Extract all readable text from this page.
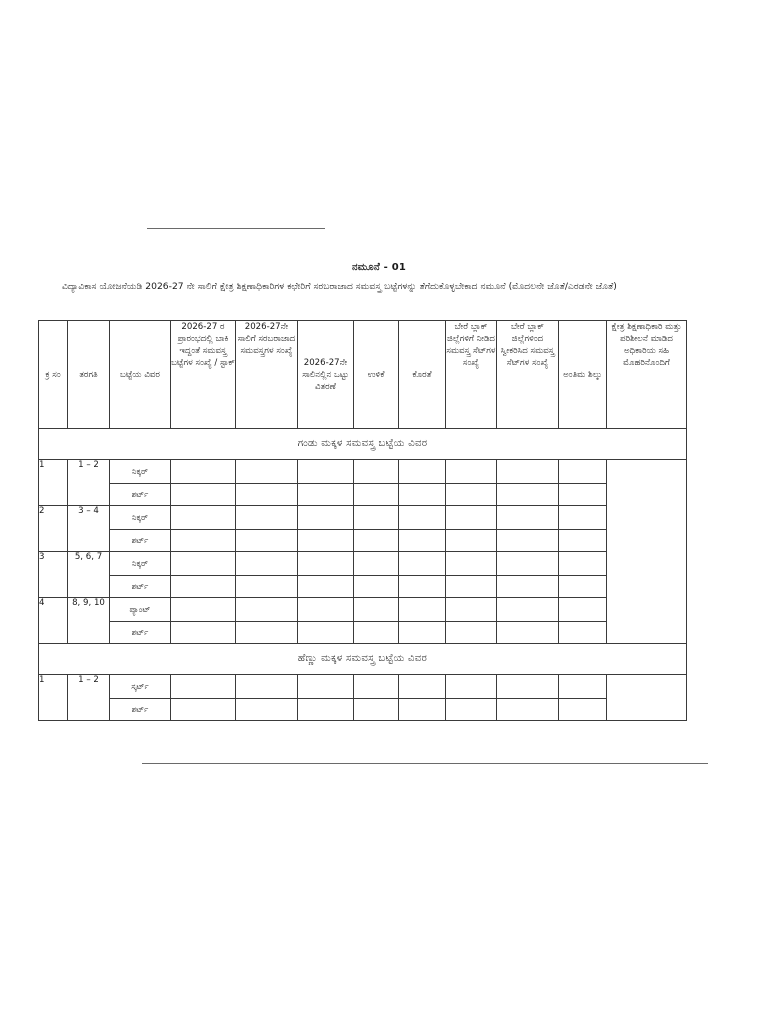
ನಮೂನೆ - 01
ವಿದ್ಯಾವಿಕಾಸ ಯೋಜನೆಯಡಿ 2026-27 ನೇ ಸಾಲಿಗೆ ಕ್ಷೇತ್ರ ಶಿಕ್ಷಣಾಧಿಕಾರಿಗಳ ಕಛೇರಿಗೆ ಸರಬರಾಜಾದ ಸಮವಸ್ತ್ರ ಬಟ್ಟೆಗಳನ್ನು ತೆಗೆದುಕೊಳ್ಳಬೇಕಾದ ನಮೂನೆ (ಮೊದಲನೇ ಜೊತೆ/ಎರಡನೇ ಜೊತೆ)
ಕ್ರ ಸಂ	ತರಗತಿ	ಬಟ್ಟೆಯ ವಿವರ	2026-27 ರ ಪ್ರಾರಂಭದಲ್ಲಿ ಬಾಕಿ ಇದ್ದಂತೆ ಸಮವಸ್ತ್ರ ಬಟ್ಟೆಗಳ ಸಂಖ್ಯೆ / ಸ್ಟಾಕ್	2026-27ನೇ ಸಾಲಿಗೆ ಸರಬರಾಜಾದ ಸಮವಸ್ತ್ರಗಳ ಸಂಖ್ಯೆ	2026-27ನೇ ಸಾಲಿನಲ್ಲಿನ ಒಟ್ಟು ವಿತರಣೆ	ಉಳಿಕೆ	ಕೊರತೆ	ಬೇರೆ ಬ್ಲಾಕ್ ಜಿಲ್ಲೆಗಳಿಗೆ ನೀಡಿದ ಸಮವಸ್ತ್ರ ಸೆಟ್‌ಗಳ ಸಂಖ್ಯೆ	ಬೇರೆ ಬ್ಲಾಕ್ ಜಿಲ್ಲೆಗಳಿಂದ ಸ್ವೀಕರಿಸಿದ ಸಮವಸ್ತ್ರ ಸೆಟ್‌ಗಳ ಸಂಖ್ಯೆ	ಅಂತಿಮ ಶಿಲ್ಕು	ಕ್ಷೇತ್ರ ಶಿಕ್ಷಣಾಧಿಕಾರಿ ಮತ್ತು ಪರಿಶೀಲನೆ ಮಾಡಿದ ಅಧಿಕಾರಿಯ ಸಹಿ ಮೊಹರಿನೊಂದಿಗೆ
ಗಂಡು ಮಕ್ಕಳ ಸಮವಸ್ತ್ರ ಬಟ್ಟೆಯ ವಿವರ											
1	1 – 2	ನಿಕ್ಕರ್									
		ಶರ್ಟ್									
2	3 – 4	ನಿಕ್ಕರ್									
		ಶರ್ಟ್									
3	5, 6, 7	ನಿಕ್ಕರ್									
		ಶರ್ಟ್									
4	8, 9, 10	ಪ್ಯಾಂಟ್									
		ಶರ್ಟ್									
ಹೆಣ್ಣು ಮಕ್ಕಳ ಸಮವಸ್ತ್ರ ಬಟ್ಟೆಯ ವಿವರ											
1	1 – 2	ಸ್ಕರ್ಟ್									
		ಶರ್ಟ್									
